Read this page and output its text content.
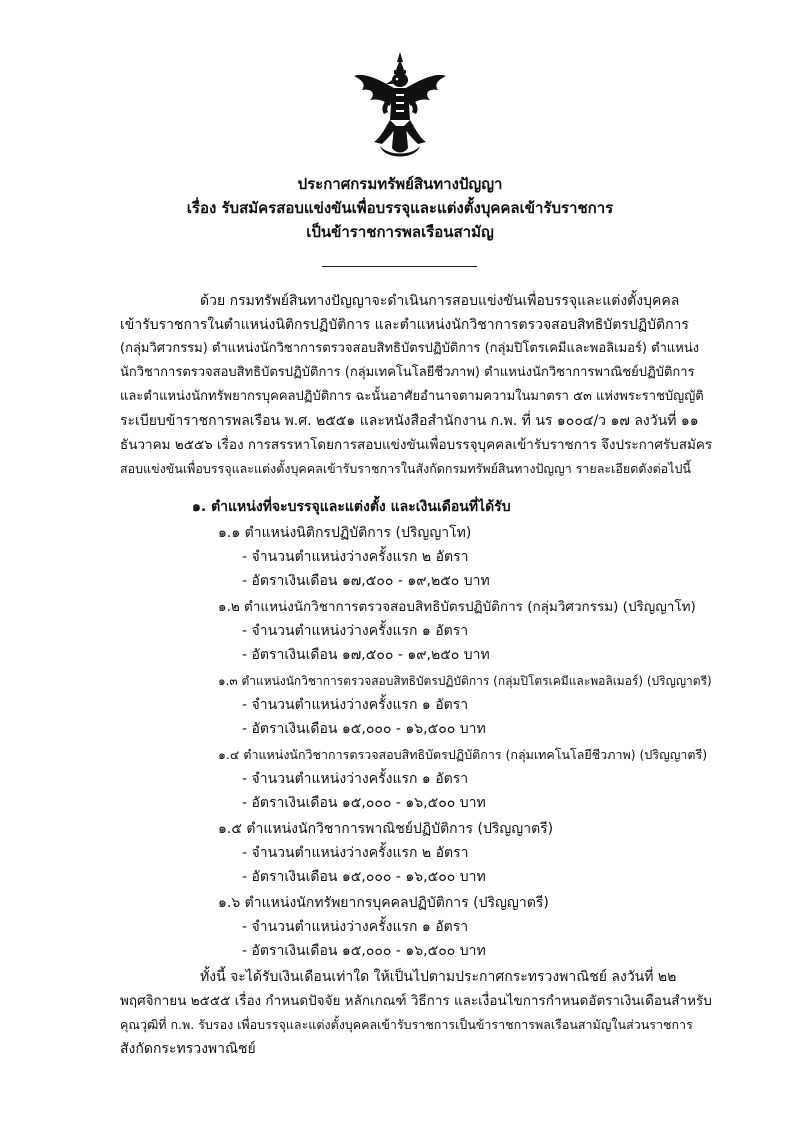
ประกาศกรมทรัพย์สินทางปัญญา
เรื่อง รับสมัครสอบแข่งขันเพื่อบรรจุและแต่งตั้งบุคคลเข้ารับราชการ
เป็นข้าราชการพลเรือนสามัญ
ด้วย กรมทรัพย์สินทางปัญญาจะดำเนินการสอบแข่งขันเพื่อบรรจุและแต่งตั้งบุคคล
เข้ารับราชการในตำแหน่งนิติกรปฏิบัติการ และตำแหน่งนักวิชาการตรวจสอบสิทธิบัตรปฏิบัติการ
(กลุ่มวิศวกรรม) ตำแหน่งนักวิชาการตรวจสอบสิทธิบัตรปฏิบัติการ (กลุ่มปิโตรเคมีและพอลิเมอร์) ตำแหน่ง
นักวิชาการตรวจสอบสิทธิบัตรปฏิบัติการ (กลุ่มเทคโนโลยีชีวภาพ) ตำแหน่งนักวิชาการพาณิชย์ปฏิบัติการ
และตำแหน่งนักทรัพยากรบุคคลปฏิบัติการ ฉะนั้นอาศัยอำนาจตามความในมาตรา ๕๓ แห่งพระราชบัญญัติ
ระเบียบข้าราชการพลเรือน พ.ศ. ๒๕๕๑ และหนังสือสำนักงาน ก.พ. ที่ นร ๑๐๐๔/ว ๑๗ ลงวันที่ ๑๑
ธันวาคม ๒๕๕๖ เรื่อง การสรรหาโดยการสอบแข่งขันเพื่อบรรจุบุคคลเข้ารับราชการ จึงประกาศรับสมัคร
สอบแข่งขันเพื่อบรรจุและแต่งตั้งบุคคลเข้ารับราชการในสังกัดกรมทรัพย์สินทางปัญญา รายละเอียดดังต่อไปนี้
๑. ตำแหน่งที่จะบรรจุและแต่งตั้ง และเงินเดือนที่ได้รับ
๑.๑ ตำแหน่งนิติกรปฏิบัติการ (ปริญญาโท)
- จำนวนตำแหน่งว่างครั้งแรก ๒ อัตรา
- อัตราเงินเดือน ๑๗,๕๐๐ - ๑๙,๒๕๐ บาท
๑.๒ ตำแหน่งนักวิชาการตรวจสอบสิทธิบัตรปฏิบัติการ (กลุ่มวิศวกรรม) (ปริญญาโท)
- จำนวนตำแหน่งว่างครั้งแรก ๑ อัตรา
- อัตราเงินเดือน ๑๗,๕๐๐ - ๑๙,๒๕๐ บาท
๑.๓ ตำแหน่งนักวิชาการตรวจสอบสิทธิบัตรปฏิบัติการ (กลุ่มปิโตรเคมีและพอลิเมอร์) (ปริญญาตรี)
- จำนวนตำแหน่งว่างครั้งแรก ๑ อัตรา
- อัตราเงินเดือน ๑๕,๐๐๐ - ๑๖,๕๐๐ บาท
๑.๔ ตำแหน่งนักวิชาการตรวจสอบสิทธิบัตรปฏิบัติการ (กลุ่มเทคโนโลยีชีวภาพ) (ปริญญาตรี)
- จำนวนตำแหน่งว่างครั้งแรก ๑ อัตรา
- อัตราเงินเดือน ๑๕,๐๐๐ - ๑๖,๕๐๐ บาท
๑.๕ ตำแหน่งนักวิชาการพาณิชย์ปฏิบัติการ (ปริญญาตรี)
- จำนวนตำแหน่งว่างครั้งแรก ๒ อัตรา
- อัตราเงินเดือน ๑๕,๐๐๐ - ๑๖,๕๐๐ บาท
๑.๖ ตำแหน่งนักทรัพยากรบุคคลปฏิบัติการ (ปริญญาตรี)
- จำนวนตำแหน่งว่างครั้งแรก ๑ อัตรา
- อัตราเงินเดือน ๑๕,๐๐๐ - ๑๖,๕๐๐ บาท
ทั้งนี้ จะได้รับเงินเดือนเท่าใด ให้เป็นไปตามประกาศกระทรวงพาณิชย์ ลงวันที่ ๒๒
พฤศจิกายน ๒๕๕๕ เรื่อง กำหนดปัจจัย หลักเกณฑ์ วิธีการ และเงื่อนไขการกำหนดอัตราเงินเดือนสำหรับ
คุณวุฒิที่ ก.พ. รับรอง เพื่อบรรจุและแต่งตั้งบุคคลเข้ารับราชการเป็นข้าราชการพลเรือนสามัญในส่วนราชการ
สังกัดกระทรวงพาณิชย์
